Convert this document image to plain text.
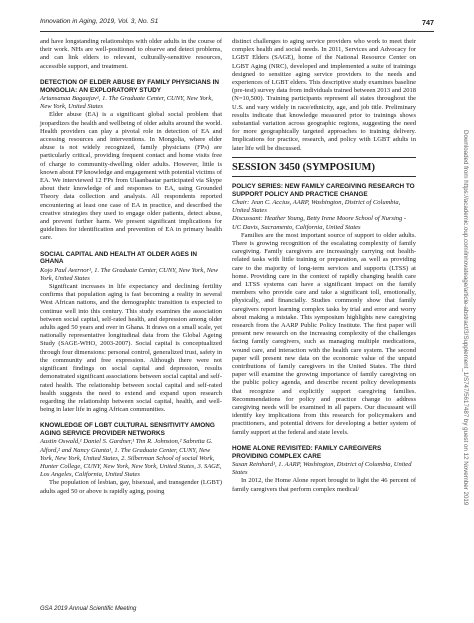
Innovation in Aging, 2019, Vol. 3, No. S1	747

and have longstanding relationships with older adults in the course of their work. NHs are well-positioned to observe and detect problems, and can link elders to relevant, culturally-sensitive resources, accessible support, and treatment.

DETECTION OF ELDER ABUSE BY FAMILY PHYSICIANS IN MONGOLIA: AN EXPLORATORY STUDY
Ariunsanaa Bagaajav¹, 1. The Graduate Center, CUNY, New York, New York, United States

Elder abuse (EA) is a significant global social problem that jeopardizes the health and wellbeing of older adults around the world. Health providers can play a pivotal role in detection of EA and accessing resources and interventions. In Mongolia, where elder abuse is not widely recognized, family physicians (FPs) are particularly critical, providing frequent contact and home visits free of charge to community-dwelling older adults. However, little is known about FP knowledge and engagement with potential victims of EA. We interviewed 12 FPs from Ulaanbaatar participated via Skype about their knowledge of and responses to EA, using Grounded Theory data collection and analysis. All respondents reported encountering at least one case of EA in practice, and described the creative strategies they used to engage older patients, detect abuse, and prevent further harm. We present significant implications for guidelines for identification and prevention of EA in primary health care.

SOCIAL CAPITAL AND HEALTH AT OLDER AGES IN GHANA
Kojo Paul Avernor¹, 1. The Graduate Center, CUNY, New York, New York, United States

Significant increases in life expectancy and declining fertility confirms that population aging is fast becoming a reality in several West African nations, and the demographic transition is expected to continue well into this century. This study examines the association between social capital, self-rated health, and depression among older adults aged 50 years and over in Ghana. It draws on a small scale, yet nationally representative longitudinal data from the Global Ageing Study (SAGE-WHO, 2003-2007). Social capital is conceptualized through four dimensions: personal control, generalized trust, safety in the community and free expression. Although there were not significant findings on social capital and depression, results demonstrated significant associations between social capital and self-rated health. The relationship between social capital and self-rated health suggests the need to extend and expand upon research regarding the relationship between social capital, health, and well-being in later life in aging African communities.

KNOWLEDGE OF LGBT CULTURAL SENSITIVITY AMONG AGING SERVICE PROVIDER NETWORKS
Austin Oswald,¹ Daniel S. Gardner,¹ Tim R. Johnston,² Sabretta G. Alford,² and Nancy Giunta¹, 1. The Graduate Center, CUNY, New York, New York, United States, 2. Silberman School of social Work, Hunter College, CUNY, New York, New York, United States, 3. SAGE, Los Angeles, California, United States

The population of lesbian, gay, bisexual, and transgender (LGBT) adults aged 50 or above is rapidly aging, posing

distinct challenges to aging service providers who work to meet their complex health and social needs. In 2011, Services and Advocacy for LGBT Elders (SAGE), home of the National Resource Center on LGBT Aging (NRC), developed and implemented a suite of trainings designed to sensitize aging service providers to the needs and experiences of LGBT elders. This descriptive study examines baseline (pre-test) survey data from individuals trained between 2013 and 2018 (N=10,500). Training participants represent all states throughout the U.S. and vary widely in race/ethnicity, age, and job title. Preliminary results indicate that knowledge measured prior to trainings shows substantial variation across geographic regions, suggesting the need for more geographically targeted approaches to training delivery. Implications for practice, research, and policy with LGBT adults in later life will be discussed.

SESSION 3450 (SYMPOSIUM)
POLICY SERIES: NEW FAMILY CAREGIVING RESEARCH TO SUPPORT POLICY AND PRACTICE CHANGE
Chair: Jean C. Accius, AARP, Washington, District of Columbia, United States
Discussant: Heather Young, Betty Irene Moore School of Nursing - UC Davis, Sacramento, California, United States

Families are the most important source of support to older adults. There is growing recognition of the escalating complexity of family caregiving. Family caregivers are increasingly carrying out health-related tasks with little training or preparation, as well as providing care to the majority of long-term services and supports (LTSS) at home. Providing care in the context of rapidly changing health care and LTSS systems can have a significant impact on the family members who provide care and take a significant toll, emotionally, physically, and financially. Studies commonly show that family caregivers report learning complex tasks by trial and error and worry about making a mistake. This symposium highlights new caregiving research from the AARP Public Policy Institute. The first paper will present new research on the increasing complexity of the challenges facing family caregivers, such as managing multiple medications, wound care, and interaction with the health care system. The second paper will present new data on the economic value of the unpaid contributions of family caregivers in the United States. The third paper will examine the growing importance of family caregiving on the public policy agenda, and describe recent policy developments that recognize and explicitly support caregiving families. Recommendations for policy and practice change to address caregiving needs will be examined in all papers. Our discussant will identify key implications from this research for policymakers and practitioners, and potential drivers for developing a better system of family support at the federal and state levels.

HOME ALONE REVISITED: FAMILY CAREGIVERS PROVIDING COMPLEX CARE
Susan Reinhard¹, 1. AARP, Washington, District of Columbia, United States

In 2012, the Home Alone report brought to light the 46 percent of family caregivers that perform complex medical/

GSA 2019 Annual Scientific Meeting
Downloaded from https://academic.oup.com/innovateage/article-abstract/3/Supplement_1/S747/5617487 by guest on 12 November 2019
